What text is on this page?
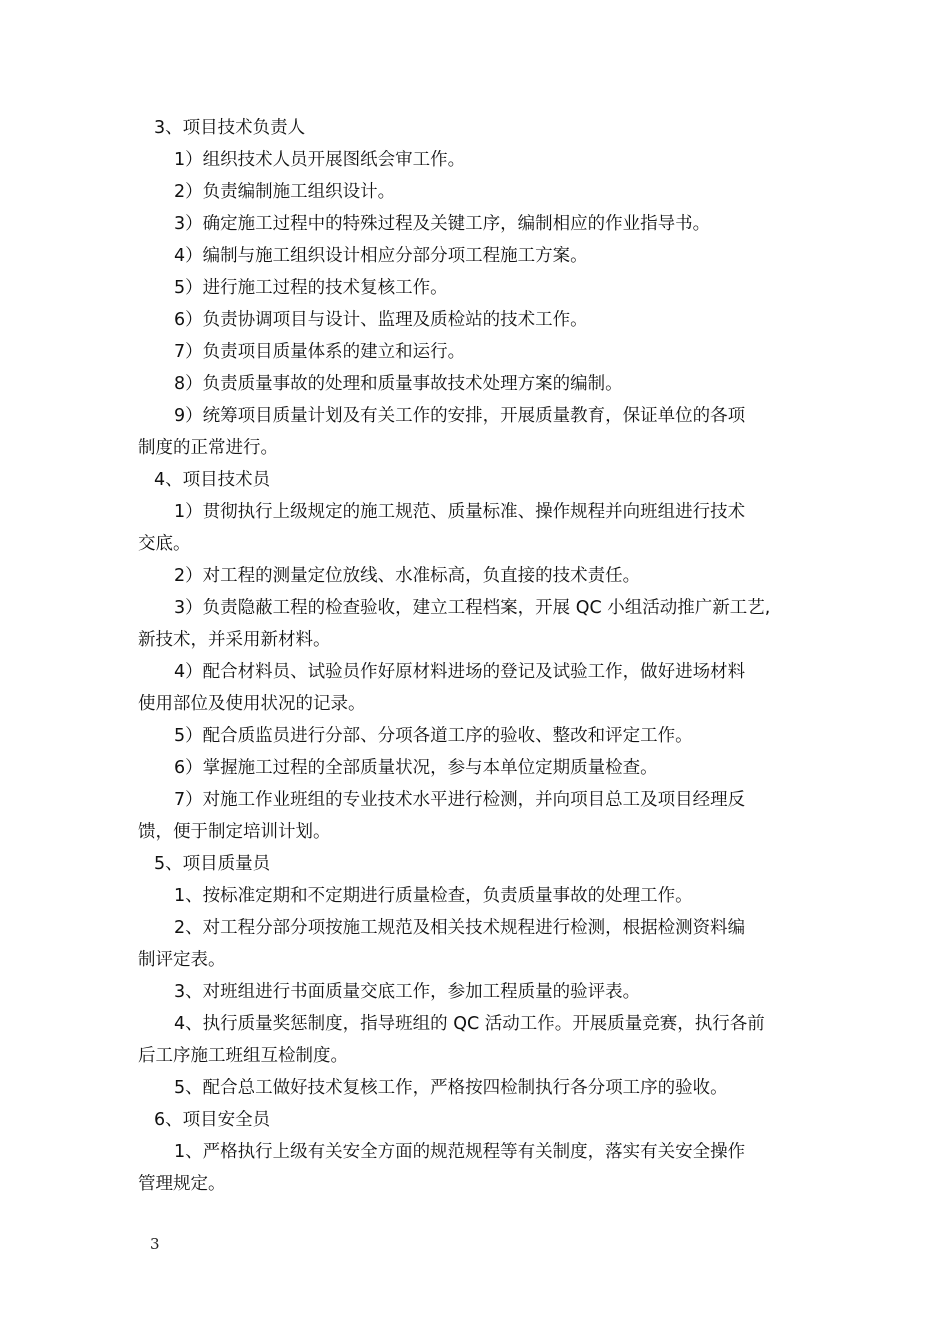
3、项目技术负责人
1）组织技术人员开展图纸会审工作。
2）负责编制施工组织设计。
3）确定施工过程中的特殊过程及关键工序，编制相应的作业指导书。
4）编制与施工组织设计相应分部分项工程施工方案。
5）进行施工过程的技术复核工作。
6）负责协调项目与设计、监理及质检站的技术工作。
7）负责项目质量体系的建立和运行。
8）负责质量事故的处理和质量事故技术处理方案的编制。
9）统筹项目质量计划及有关工作的安排，开展质量教育，保证单位的各项
制度的正常进行。
4、项目技术员
1）贯彻执行上级规定的施工规范、质量标准、操作规程并向班组进行技术
交底。
2）对工程的测量定位放线、水准标高，负直接的技术责任。
3）负责隐蔽工程的检查验收，建立工程档案，开展 QC 小组活动推广新工艺,
新技术，并采用新材料。
4）配合材料员、试验员作好原材料进场的登记及试验工作，做好进场材料
使用部位及使用状况的记录。
5）配合质监员进行分部、分项各道工序的验收、整改和评定工作。
6）掌握施工过程的全部质量状况，参与本单位定期质量检查。
7）对施工作业班组的专业技术水平进行检测，并向项目总工及项目经理反
馈，便于制定培训计划。
5、项目质量员
1、按标准定期和不定期进行质量检查，负责质量事故的处理工作。
2、对工程分部分项按施工规范及相关技术规程进行检测，根据检测资料编
制评定表。
3、对班组进行书面质量交底工作，参加工程质量的验评表。
4、执行质量奖惩制度，指导班组的 QC 活动工作。开展质量竞赛，执行各前
后工序施工班组互检制度。
5、配合总工做好技术复核工作，严格按四检制执行各分项工序的验收。
6、项目安全员
1、严格执行上级有关安全方面的规范规程等有关制度，落实有关安全操作
管理规定。
3
